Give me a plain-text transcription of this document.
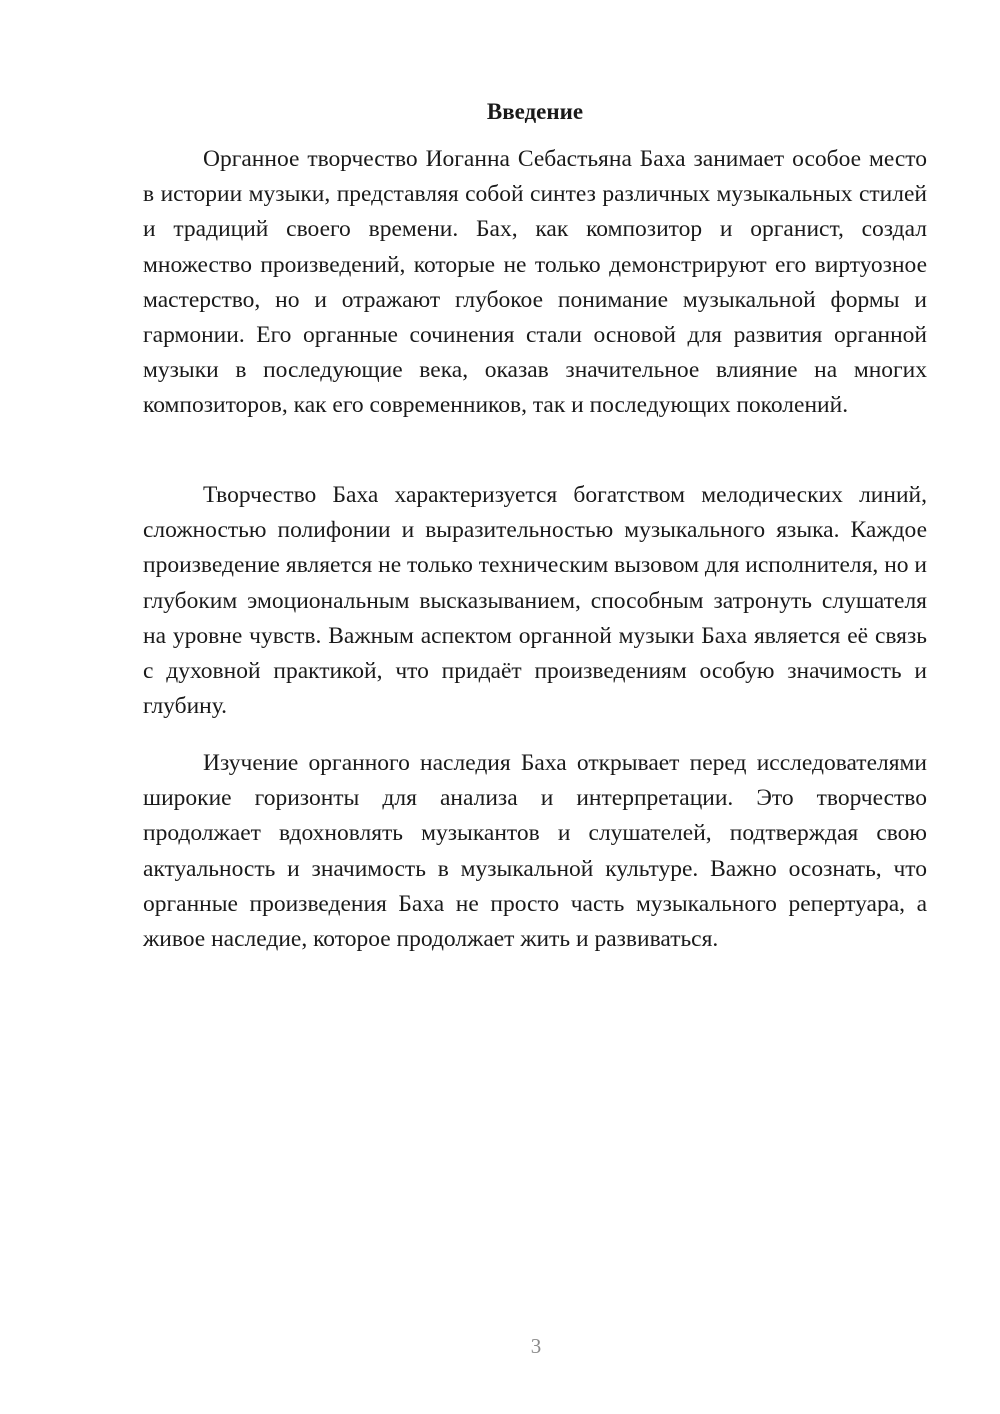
Введение

Органное творчество Иоганна Себастьяна Баха занимает особое место в истории музыки, представляя собой синтез различных музыкальных стилей и традиций своего времени. Бах, как композитор и органист, создал множество произведений, которые не только демонстрируют его виртуозное мастерство, но и отражают глубокое понимание музыкальной формы и гармонии. Его органные сочинения стали основой для развития органной музыки в последующие века, оказав значительное влияние на многих композиторов, как его современников, так и последующих поколений.

Творчество Баха характеризуется богатством мелодических линий, сложностью полифонии и выразительностью музыкального языка. Каждое произведение является не только техническим вызовом для исполнителя, но и глубоким эмоциональным высказыванием, способным затронуть слушателя на уровне чувств. Важным аспектом органной музыки Баха является её связь с духовной практикой, что придаёт произведениям особую значимость и глубину.

Изучение органного наследия Баха открывает перед исследователями широкие горизонты для анализа и интерпретации. Это творчество продолжает вдохновлять музыкантов и слушателей, подтверждая свою актуальность и значимость в музыкальной культуре. Важно осознать, что органные произведения Баха не просто часть музыкального репертуара, а живое наследие, которое продолжает жить и развиваться.

3
